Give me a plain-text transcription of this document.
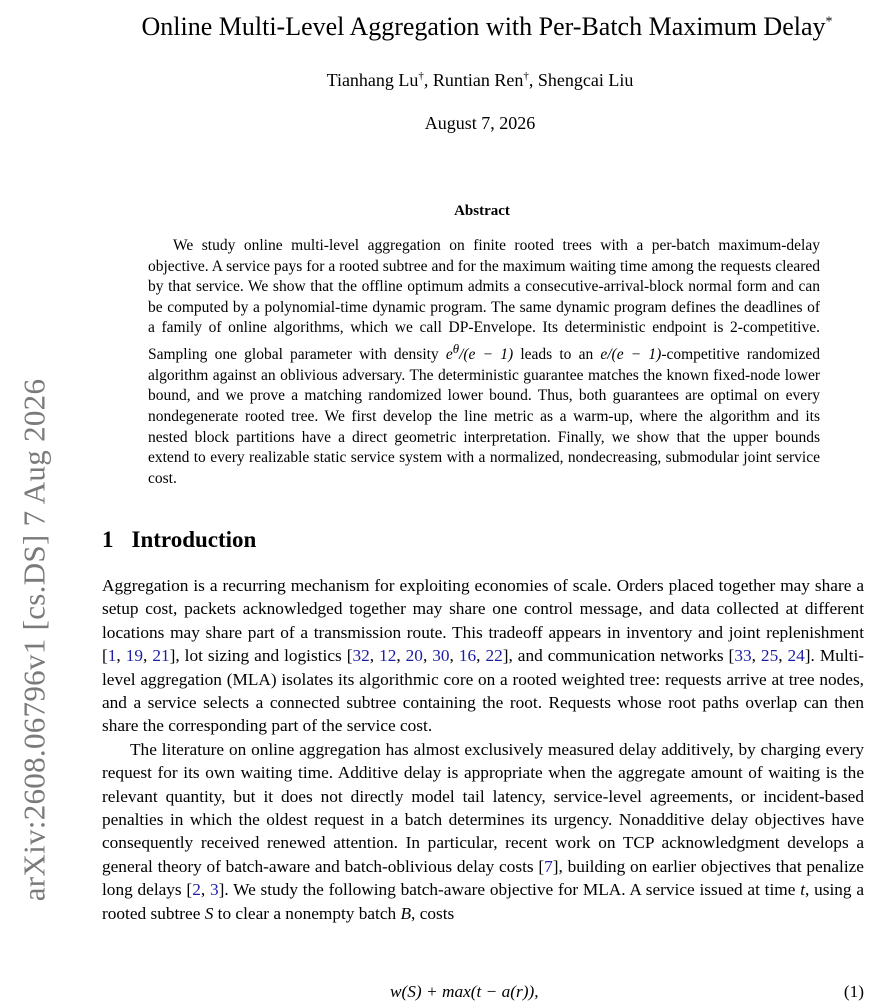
arXiv:2608.06796v1 [cs.DS] 7 Aug 2026
Online Multi-Level Aggregation with Per-Batch Maximum Delay*
Tianhang Lu†, Runtian Ren†, Shengcai Liu
August 7, 2026
Abstract

We study online multi-level aggregation on finite rooted trees with a per-batch maximum-delay objective. A service pays for a rooted subtree and for the maximum waiting time among the requests cleared by that service. We show that the offline optimum admits a consecutive-arrival-block normal form and can be computed by a polynomial-time dynamic program. The same dynamic program defines the deadlines of a family of online algorithms, which we call DP-Envelope. Its deterministic endpoint is 2-competitive. Sampling one global parameter with density $e^\theta/(e - 1)$ leads to an e/(e − 1)-competitive randomized algorithm against an oblivious adversary. The deterministic guarantee matches the known fixed-node lower bound, and we prove a matching randomized lower bound. Thus, both guarantees are optimal on every nondegenerate rooted tree. We first develop the line metric as a warm-up, where the algorithm and its nested block partitions have a direct geometric interpretation. Finally, we show that the upper bounds extend to every realizable static service system with a normalized, nondecreasing, submodular joint service cost.

1 Introduction

Aggregation is a recurring mechanism for exploiting economies of scale. Orders placed together may share a setup cost, packets acknowledged together may share one control message, and data collected at different locations may share part of a transmission route. This tradeoff appears in inventory and joint replenishment [1, 19, 21], lot sizing and logistics [32, 12, 20, 30, 16, 22], and communication networks [33, 25, 24]. Multi-level aggregation (MLA) isolates its algorithmic core on a rooted weighted tree: requests arrive at tree nodes, and a service selects a connected subtree containing the root. Requests whose root paths overlap can then share the corresponding part of the service cost.

The literature on online aggregation has almost exclusively measured delay additively, by charging every request for its own waiting time. Additive delay is appropriate when the aggregate amount of waiting is the relevant quantity, but it does not directly model tail latency, service-level agreements, or incident-based penalties in which the oldest request in a batch determines its urgency. Nonadditive delay objectives have consequently received renewed attention. In particular, recent work on TCP acknowledgment develops a general theory of batch-aware and batch-oblivious delay costs [7], building on earlier objectives that penalize long delays [2, 3]. We study the following batch-aware objective for MLA. A service issued at time t, using a rooted subtree S to clear a nonempty batch B, costs

w(S) + max(t − a(r)),	(1)
